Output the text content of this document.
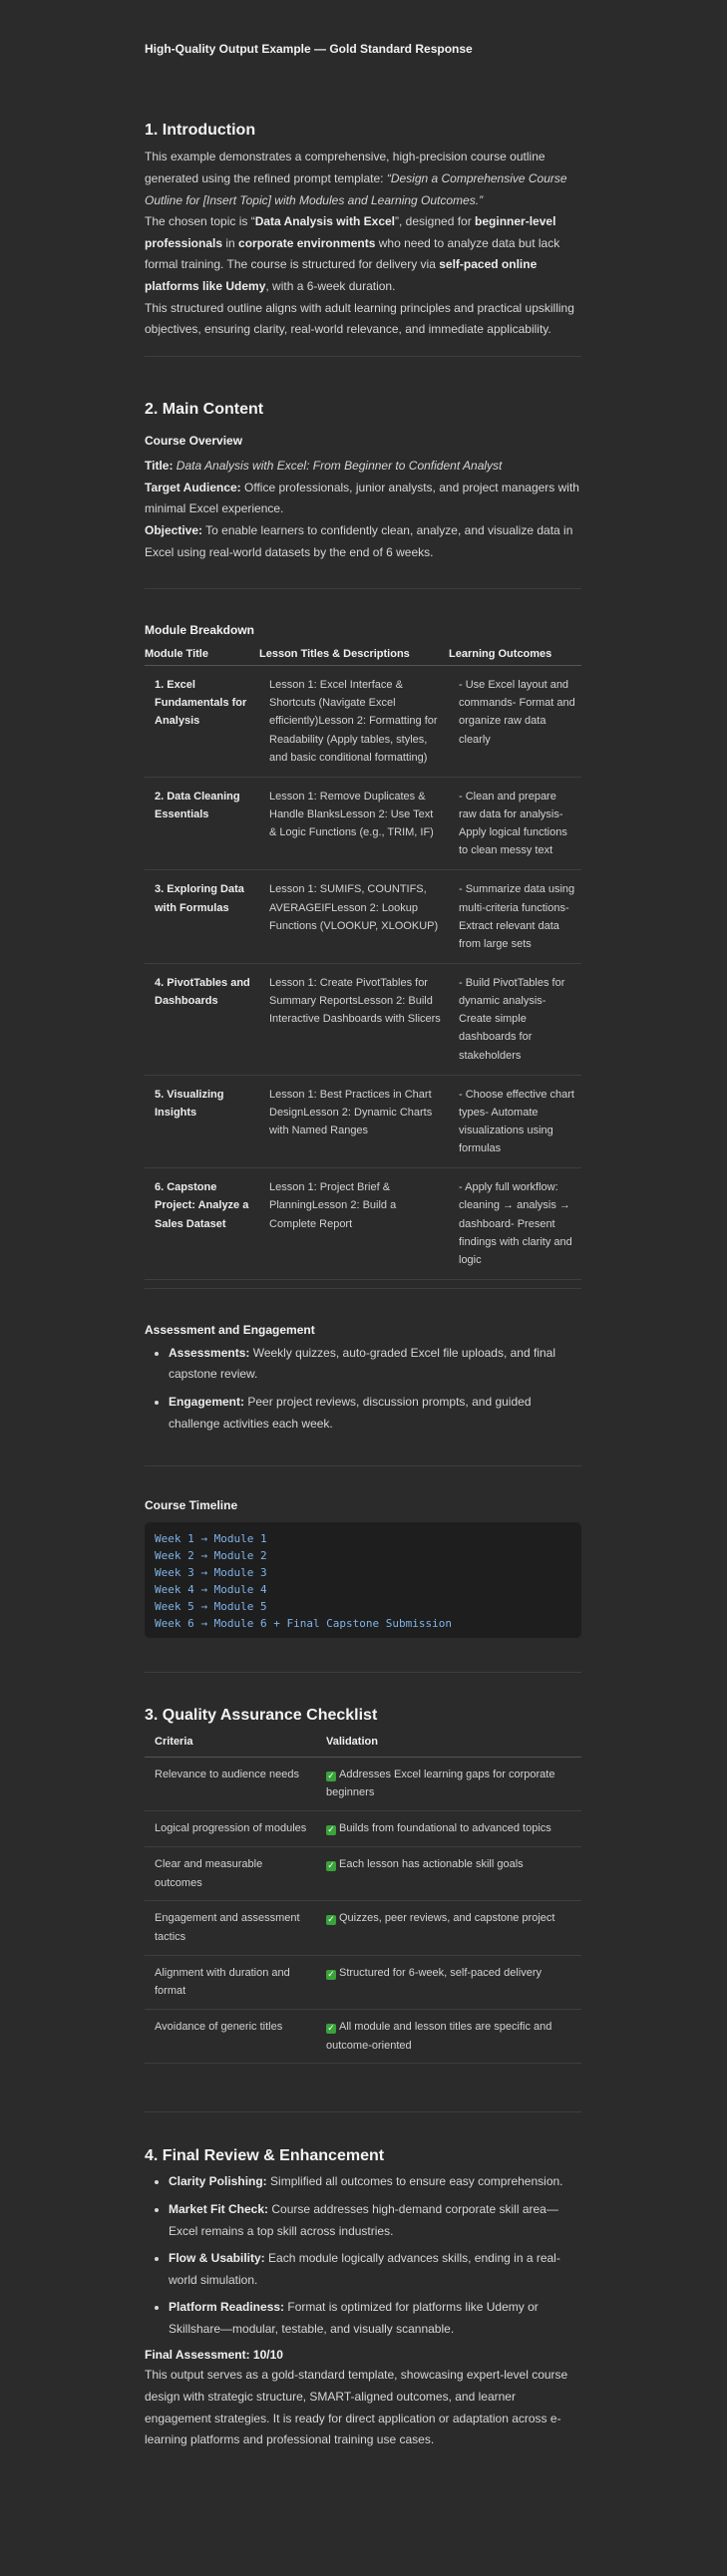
High-Quality Output Example — Gold Standard Response
1. Introduction

This example demonstrates a comprehensive, high-precision course outline generated using the refined prompt template: “Design a Comprehensive Course Outline for [Insert Topic] with Modules and Learning Outcomes.”

The chosen topic is “Data Analysis with Excel”, designed for beginner-level professionals in corporate environments who need to analyze data but lack formal training. The course is structured for delivery via self-paced online platforms like Udemy, with a 6-week duration.

This structured outline aligns with adult learning principles and practical upskilling objectives, ensuring clarity, real-world relevance, and immediate applicability.

2. Main Content
Course Overview

Title: Data Analysis with Excel: From Beginner to Confident Analyst

Target Audience: Office professionals, junior analysts, and project managers with minimal Excel experience.

Objective: To enable learners to confidently clean, analyze, and visualize data in Excel using real-world datasets by the end of 6 weeks.

Module Breakdown
Module Title	Lesson Titles & Descriptions	Learning Outcomes
1. Excel Fundamentals for Analysis	Lesson 1: Excel Interface & Shortcuts (Navigate Excel efficiently)Lesson 2: Formatting for Readability (Apply tables, styles, and basic conditional formatting)	- Use Excel layout and commands- Format and organize raw data clearly
2. Data Cleaning Essentials	Lesson 1: Remove Duplicates & Handle BlanksLesson 2: Use Text & Logic Functions (e.g., TRIM, IF)	- Clean and prepare raw data for analysis- Apply logical functions to clean messy text
3. Exploring Data with Formulas	Lesson 1: SUMIFS, COUNTIFS, AVERAGEIFLesson 2: Lookup Functions (VLOOKUP, XLOOKUP)	- Summarize data using multi-criteria functions- Extract relevant data from large sets
4. PivotTables and Dashboards	Lesson 1: Create PivotTables for Summary ReportsLesson 2: Build Interactive Dashboards with Slicers	- Build PivotTables for dynamic analysis- Create simple dashboards for stakeholders
5. Visualizing Insights	Lesson 1: Best Practices in Chart DesignLesson 2: Dynamic Charts with Named Ranges	- Choose effective chart types- Automate visualizations using formulas
6. Capstone Project: Analyze a Sales Dataset	Lesson 1: Project Brief & PlanningLesson 2: Build a Complete Report	- Apply full workflow: cleaning → analysis → dashboard- Present findings with clarity and logic
Assessment and Engagement
• Assessments: Weekly quizzes, auto-graded Excel file uploads, and final capstone review.
• Engagement: Peer project reviews, discussion prompts, and guided challenge activities each week.
Course Timeline
Week 1 → Module 1
Week 2 → Module 2
Week 3 → Module 3
Week 4 → Module 4
Week 5 → Module 5
Week 6 → Module 6 + Final Capstone Submission
3. Quality Assurance Checklist
Criteria	Validation
Relevance to audience needs	✓ Addresses Excel learning gaps for corporate beginners
Logical progression of modules	✓ Builds from foundational to advanced topics
Clear and measurable outcomes	✓ Each lesson has actionable skill goals
Engagement and assessment tactics	✓ Quizzes, peer reviews, and capstone project
Alignment with duration and format	✓ Structured for 6-week, self-paced delivery
Avoidance of generic titles	✓ All module and lesson titles are specific and outcome-oriented
4. Final Review & Enhancement
• Clarity Polishing: Simplified all outcomes to ensure easy comprehension.
• Market Fit Check: Course addresses high-demand corporate skill area—Excel remains a top skill across industries.
• Flow & Usability: Each module logically advances skills, ending in a real-world simulation.
• Platform Readiness: Format is optimized for platforms like Udemy or Skillshare—modular, testable, and visually scannable.
Final Assessment: 10/10

This output serves as a gold-standard template, showcasing expert-level course design with strategic structure, SMART-aligned outcomes, and learner engagement strategies. It is ready for direct application or adaptation across e-learning platforms and professional training use cases.
